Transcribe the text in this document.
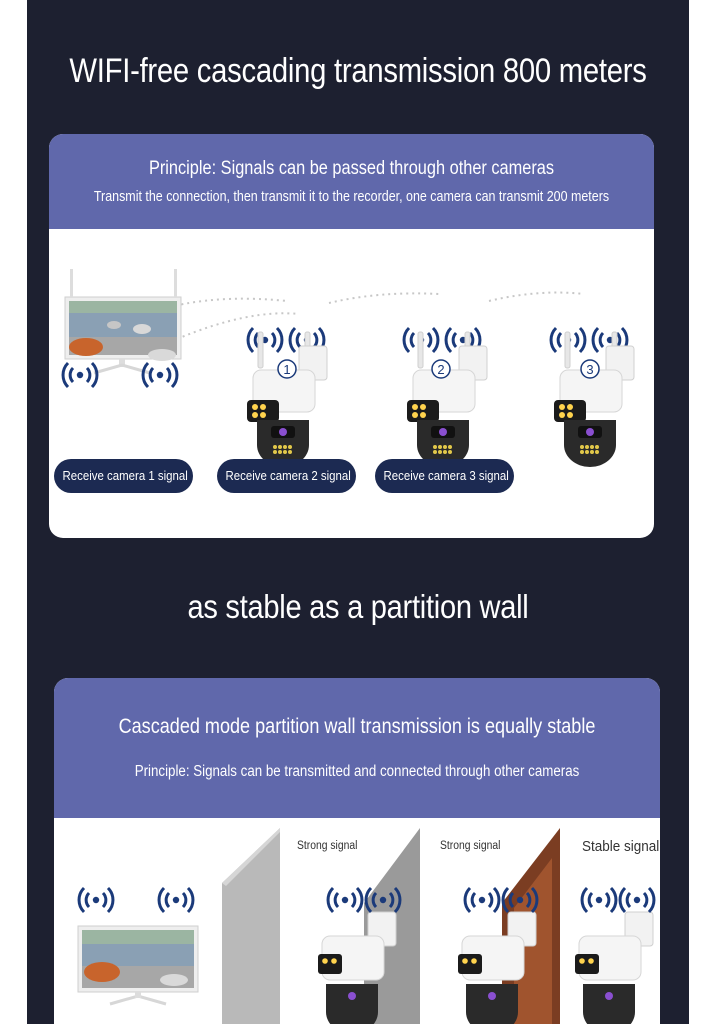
WIFI-free cascading transmission 800 meters
Principle: Signals can be passed through other cameras
Transmit the connection, then transmit it to the recorder, one camera can transmit 200 meters
1	2	3
Receive camera 1 signal	Receive camera 2 signal	Receive camera 3 signal
as stable as a partition wall
Cascaded mode partition wall transmission is equally stable
Principle: Signals can be transmitted and connected through other cameras
Strong signal	Strong signal	Stable signal
